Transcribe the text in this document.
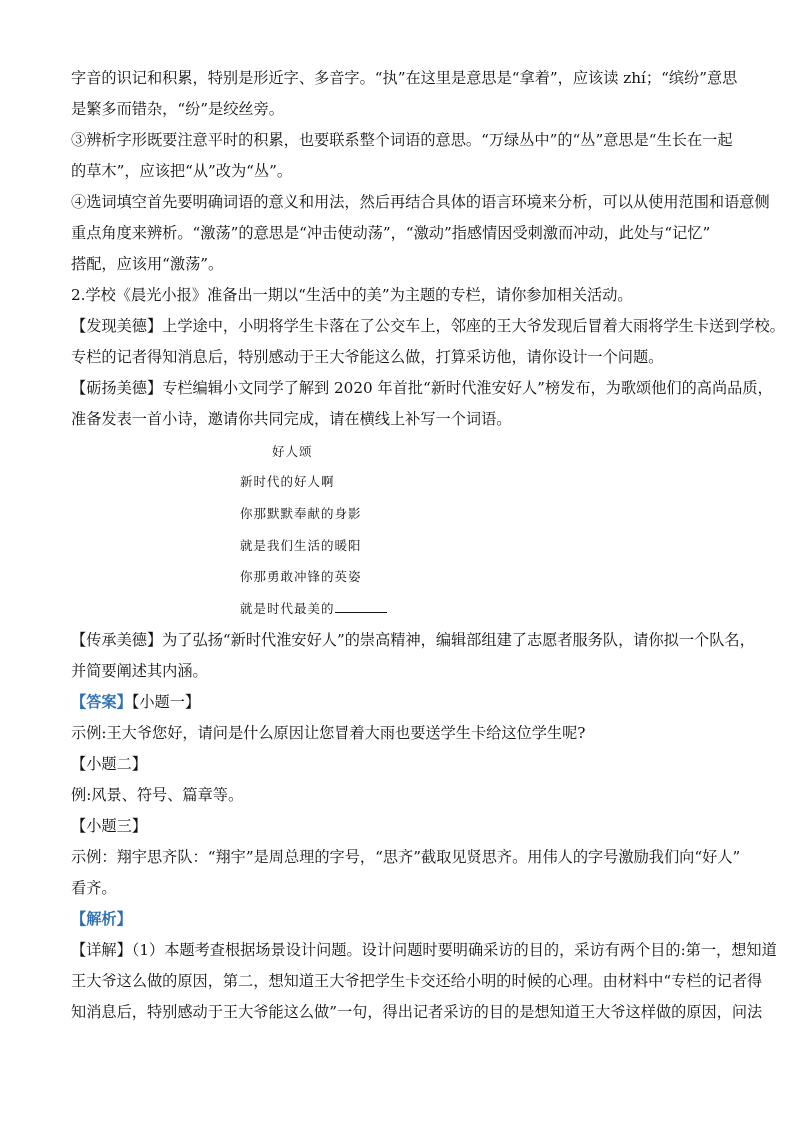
字音的识记和积累，特别是形近字、多音字。“执”在这里是意思是“拿着”，应该读 zhí；“缤纷”意思
是繁多而错杂，“纷”是绞丝旁。
③辨析字形既要注意平时的积累，也要联系整个词语的意思。“万绿丛中”的“丛”意思是“生长在一起
的草木”，应该把“从”改为“丛”。
④选词填空首先要明确词语的意义和用法，然后再结合具体的语言环境来分析，可以从使用范围和语意侧
重点角度来辨析。“激荡”的意思是“冲击使动荡”，“激动”指感情因受刺激而冲动，此处与“记忆”
搭配，应该用“激荡”。
2.学校《晨光小报》准备出一期以“生活中的美”为主题的专栏，请你参加相关活动。
【发现美德】上学途中，小明将学生卡落在了公交车上，邻座的王大爷发现后冒着大雨将学生卡送到学校。
专栏的记者得知消息后，特别感动于王大爷能这么做，打算采访他，请你设计一个问题。
【砺扬美德】专栏编辑小文同学了解到 2020 年首批“新时代淮安好人”榜发布，为歌颂他们的高尚品质，
准备发表一首小诗，邀请你共同完成，请在横线上补写一个词语。
好人颂
新时代的好人啊
你那默默奉献的身影
就是我们生活的暖阳
你那勇敢冲锋的英姿
就是时代最美的
【传承美德】为了弘扬“新时代淮安好人”的崇高精神，编辑部组建了志愿者服务队，请你拟一个队名，
并简要阐述其内涵。
【答案】【小题一】
示例:王大爷您好，请问是什么原因让您冒着大雨也要送学生卡给这位学生呢?
【小题二】
例:风景、符号、篇章等。
【小题三】
示例：翔宇思齐队：“翔宇”是周总理的字号，“思齐”截取见贤思齐。用伟人的字号激励我们向“好人”
看齐。
【解析】
【详解】（1）本题考查根据场景设计问题。设计问题时要明确采访的目的，采访有两个目的:第一，想知道
王大爷这么做的原因，第二，想知道王大爷把学生卡交还给小明的时候的心理。由材料中“专栏的记者得
知消息后，特别感动于王大爷能这么做”一句，得出记者采访的目的是想知道王大爷这样做的原因，问法
